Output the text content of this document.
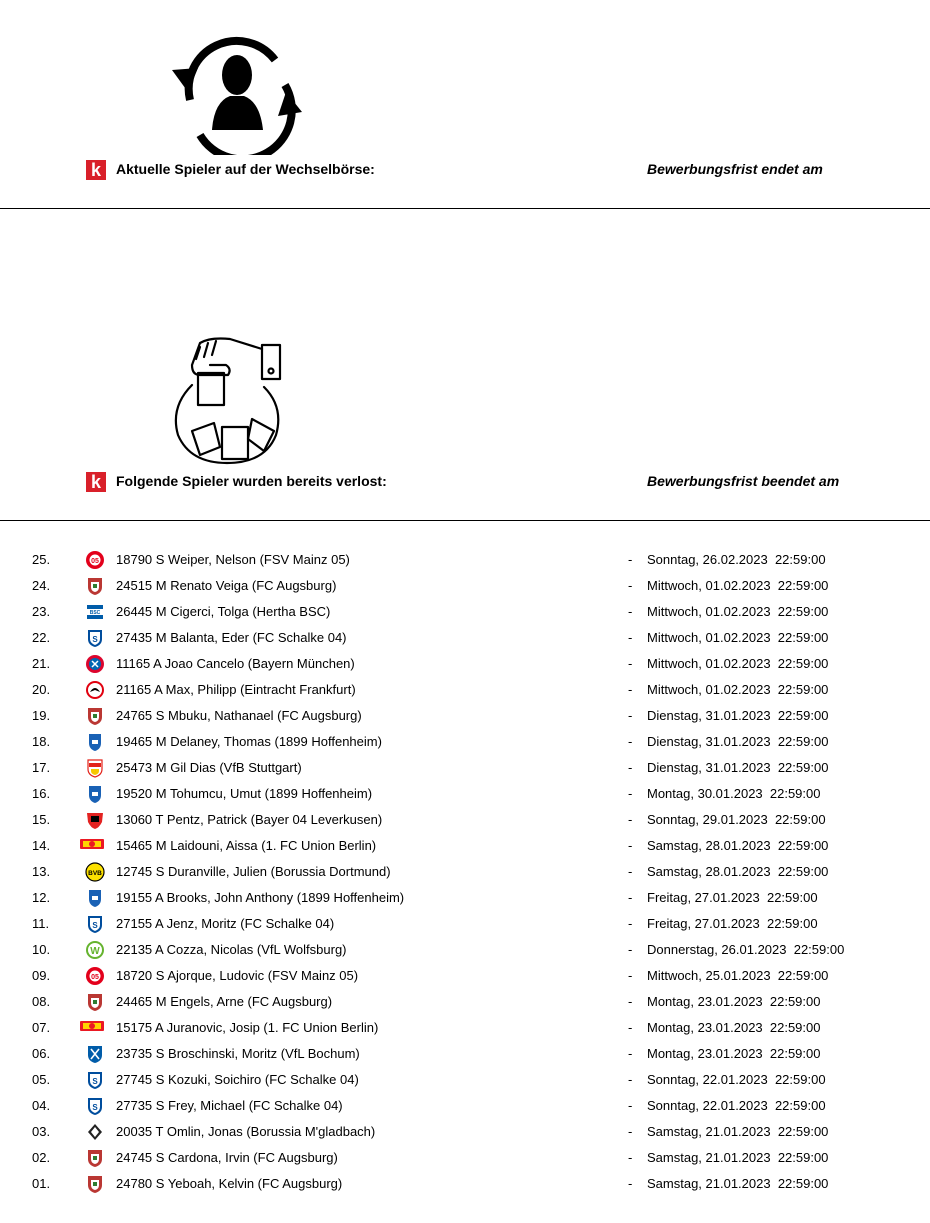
k	Aktuelle Spieler auf der Wechselbörse:	Bewerbungsfrist endet am
k	Folgende Spieler wurden bereits verlost:	Bewerbungsfrist beendet am
25.	05 18790 S Weiper, Nelson (FSV Mainz 05)	- Sonntag, 26.02.2023  22:59:00
24.	24515 M Renato Veiga (FC Augsburg)	- Mittwoch, 01.02.2023  22:59:00
23.	BSC 26445 M Cigerci, Tolga (Hertha BSC)	- Mittwoch, 01.02.2023  22:59:00
22.	S 27435 M Balanta, Eder (FC Schalke 04)	- Mittwoch, 01.02.2023  22:59:00
21.	11165 A Joao Cancelo (Bayern München)	- Mittwoch, 01.02.2023  22:59:00
20.	21165 A Max, Philipp (Eintracht Frankfurt)	- Mittwoch, 01.02.2023  22:59:00
19.	24765 S Mbuku, Nathanael (FC Augsburg)	- Dienstag, 31.01.2023  22:59:00
18.	19465 M Delaney, Thomas (1899 Hoffenheim)	- Dienstag, 31.01.2023  22:59:00
17.	25473 M Gil Dias (VfB Stuttgart)	- Dienstag, 31.01.2023  22:59:00
16.	19520 M Tohumcu, Umut (1899 Hoffenheim)	- Montag, 30.01.2023  22:59:00
15.	13060 T Pentz, Patrick (Bayer 04 Leverkusen)	- Sonntag, 29.01.2023  22:59:00
14.	15465 M Laidouni, Aissa (1. FC Union Berlin)	- Samstag, 28.01.2023  22:59:00
13.	BVB 12745 S Duranville, Julien (Borussia Dortmund)	- Samstag, 28.01.2023  22:59:00
12.	19155 A Brooks, John Anthony (1899 Hoffenheim)	- Freitag, 27.01.2023  22:59:00
11.	S 27155 A Jenz, Moritz (FC Schalke 04)	- Freitag, 27.01.2023  22:59:00
10.	W 22135 A Cozza, Nicolas (VfL Wolfsburg)	- Donnerstag, 26.01.2023  22:59:00
09.	05 18720 S Ajorque, Ludovic (FSV Mainz 05)	- Mittwoch, 25.01.2023  22:59:00
08.	24465 M Engels, Arne (FC Augsburg)	- Montag, 23.01.2023  22:59:00
07.	15175 A Juranovic, Josip (1. FC Union Berlin)	- Montag, 23.01.2023  22:59:00
06.	23735 S Broschinski, Moritz (VfL Bochum)	- Montag, 23.01.2023  22:59:00
05.	S 27745 S Kozuki, Soichiro (FC Schalke 04)	- Sonntag, 22.01.2023  22:59:00
04.	S 27735 S Frey, Michael (FC Schalke 04)	- Sonntag, 22.01.2023  22:59:00
03.	20035 T Omlin, Jonas (Borussia M'gladbach)	- Samstag, 21.01.2023  22:59:00
02.	24745 S Cardona, Irvin (FC Augsburg)	- Samstag, 21.01.2023  22:59:00
01.	24780 S Yeboah, Kelvin (FC Augsburg)	- Samstag, 21.01.2023  22:59:00
